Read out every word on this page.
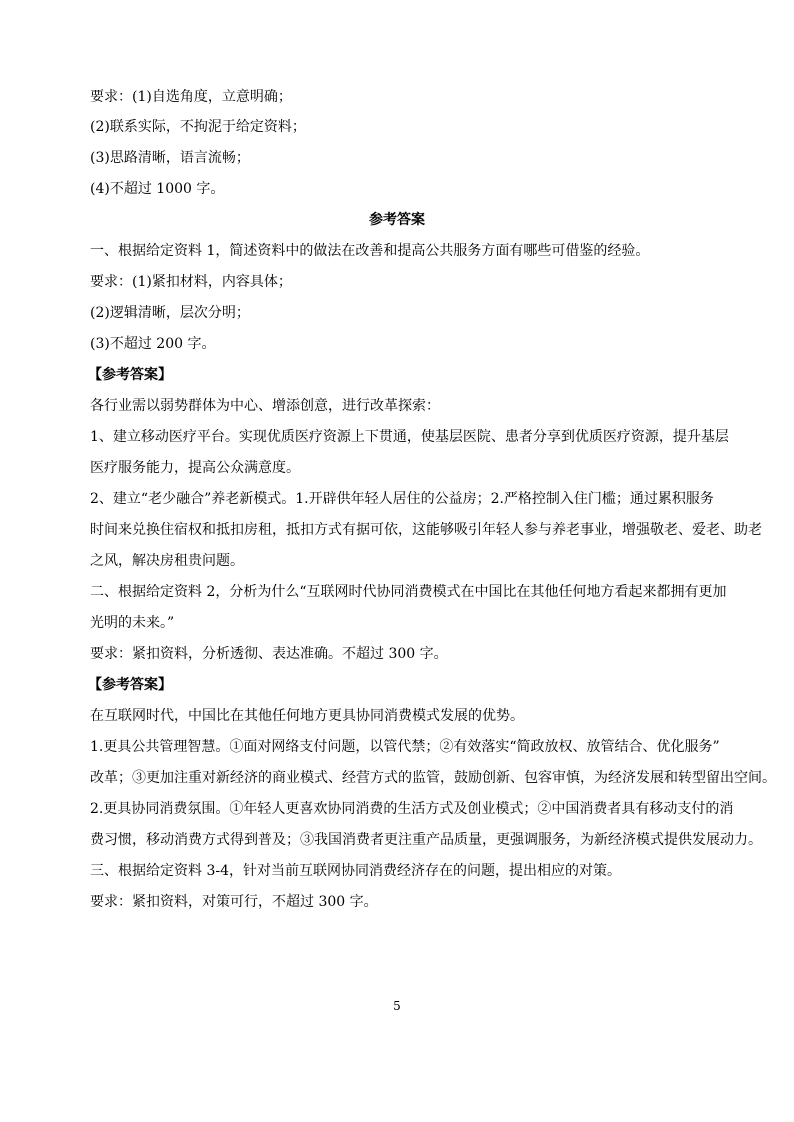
要求：(1)自选角度，立意明确；
(2)联系实际，不拘泥于给定资料；
(3)思路清晰，语言流畅；
(4)不超过 1000 字。
参考答案
一、根据给定资料 1，简述资料中的做法在改善和提高公共服务方面有哪些可借鉴的经验。
要求：(1)紧扣材料，内容具体；
(2)逻辑清晰，层次分明；
(3)不超过 200 字。
【参考答案】
各行业需以弱势群体为中心、增添创意，进行改革探索：
1、建立移动医疗平台。实现优质医疗资源上下贯通，使基层医院、患者分享到优质医疗资源，提升基层
医疗服务能力，提高公众满意度。
2、建立“老少融合”养老新模式。1.开辟供年轻人居住的公益房；2.严格控制入住门槛；通过累积服务
时间来兑换住宿权和抵扣房租，抵扣方式有据可依，这能够吸引年轻人参与养老事业，增强敬老、爱老、助老
之风，解决房租贵问题。
二、根据给定资料 2，分析为什么“互联网时代协同消费模式在中国比在其他任何地方看起来都拥有更加
光明的未来。”
要求：紧扣资料，分析透彻、表达准确。不超过 300 字。
【参考答案】
在互联网时代，中国比在其他任何地方更具协同消费模式发展的优势。
1.更具公共管理智慧。①面对网络支付问题，以管代禁；②有效落实“简政放权、放管结合、优化服务”
改革；③更加注重对新经济的商业模式、经营方式的监管，鼓励创新、包容审慎，为经济发展和转型留出空间。
2.更具协同消费氛围。①年轻人更喜欢协同消费的生活方式及创业模式；②中国消费者具有移动支付的消
费习惯，移动消费方式得到普及；③我国消费者更注重产品质量，更强调服务，为新经济模式提供发展动力。
三、根据给定资料 3-4，针对当前互联网协同消费经济存在的问题，提出相应的对策。
要求：紧扣资料，对策可行，不超过 300 字。
5
